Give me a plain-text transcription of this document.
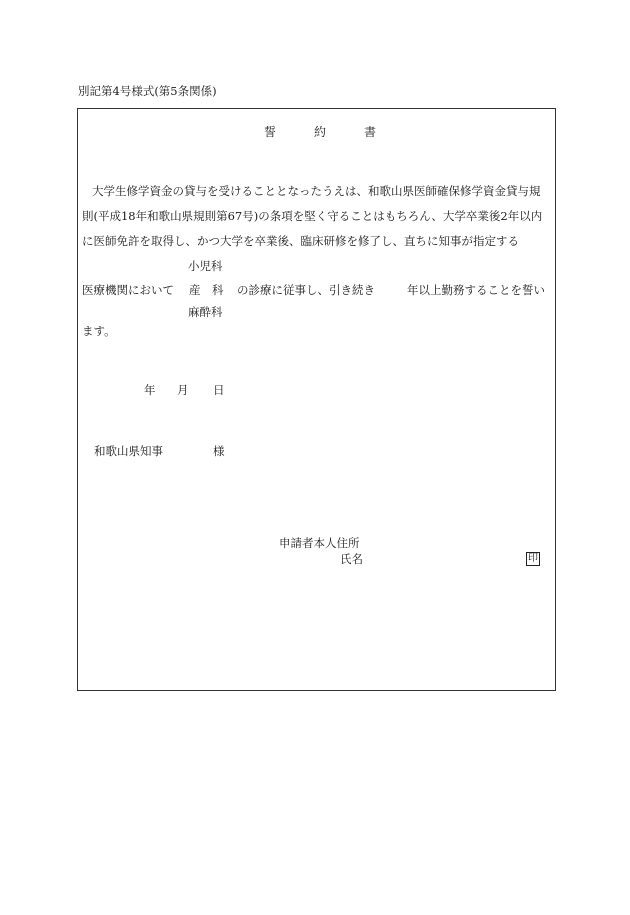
別記第4号様式(第5条関係)
誓	約	書
大学生修学資金の貸与を受けることとなったうえは、和歌山県医師確保修学資金貸与規
則(平成18年和歌山県規則第67号)の条項を堅く守ることはもちろん、大学卒業後2年以内
に医師免許を取得し、かつ大学を卒業後、臨床研修を修了し、直ちに知事が指定する
小児科
医療機関において 産　科 の診療に従事し、引き続き	年以上勤務することを誓い
麻酔科
ます。
年 月 日
和歌山県知事	様
申請者本人住所
氏名	印
